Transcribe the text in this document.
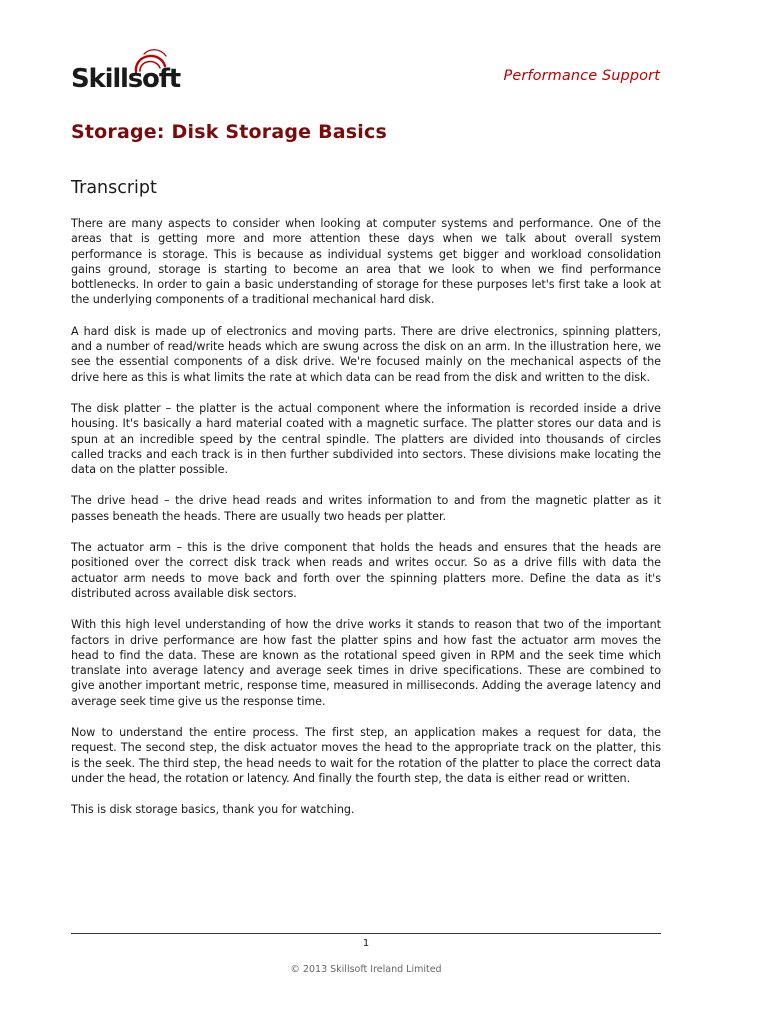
Skillsoft	Performance Support
Storage: Disk Storage Basics
Transcript

There are many aspects to consider when looking at computer systems and performance. One of the areas that is getting more and more attention these days when we talk about overall system performance is storage. This is because as individual systems get bigger and workload consolidation gains ground, storage is starting to become an area that we look to when we find performance bottlenecks. In order to gain a basic understanding of storage for these purposes let's first take a look at the underlying components of a traditional mechanical hard disk.

A hard disk is made up of electronics and moving parts. There are drive electronics, spinning platters, and a number of read/write heads which are swung across the disk on an arm. In the illustration here, we see the essential components of a disk drive. We're focused mainly on the mechanical aspects of the drive here as this is what limits the rate at which data can be read from the disk and written to the disk.

The disk platter – the platter is the actual component where the information is recorded inside a drive housing. It's basically a hard material coated with a magnetic surface. The platter stores our data and is spun at an incredible speed by the central spindle. The platters are divided into thousands of circles called tracks and each track is in then further subdivided into sectors. These divisions make locating the data on the platter possible.

The drive head – the drive head reads and writes information to and from the magnetic platter as it passes beneath the heads. There are usually two heads per platter.

The actuator arm – this is the drive component that holds the heads and ensures that the heads are positioned over the correct disk track when reads and writes occur. So as a drive fills with data the actuator arm needs to move back and forth over the spinning platters more. Define the data as it's distributed across available disk sectors.

With this high level understanding of how the drive works it stands to reason that two of the important factors in drive performance are how fast the platter spins and how fast the actuator arm moves the head to find the data. These are known as the rotational speed given in RPM and the seek time which translate into average latency and average seek times in drive specifications. These are combined to give another important metric, response time, measured in milliseconds. Adding the average latency and average seek time give us the response time.

Now to understand the entire process. The first step, an application makes a request for data, the request. The second step, the disk actuator moves the head to the appropriate track on the platter, this is the seek. The third step, the head needs to wait for the rotation of the platter to place the correct data under the head, the rotation or latency. And finally the fourth step, the data is either read or written.

This is disk storage basics, thank you for watching.

1
© 2013 Skillsoft Ireland Limited
